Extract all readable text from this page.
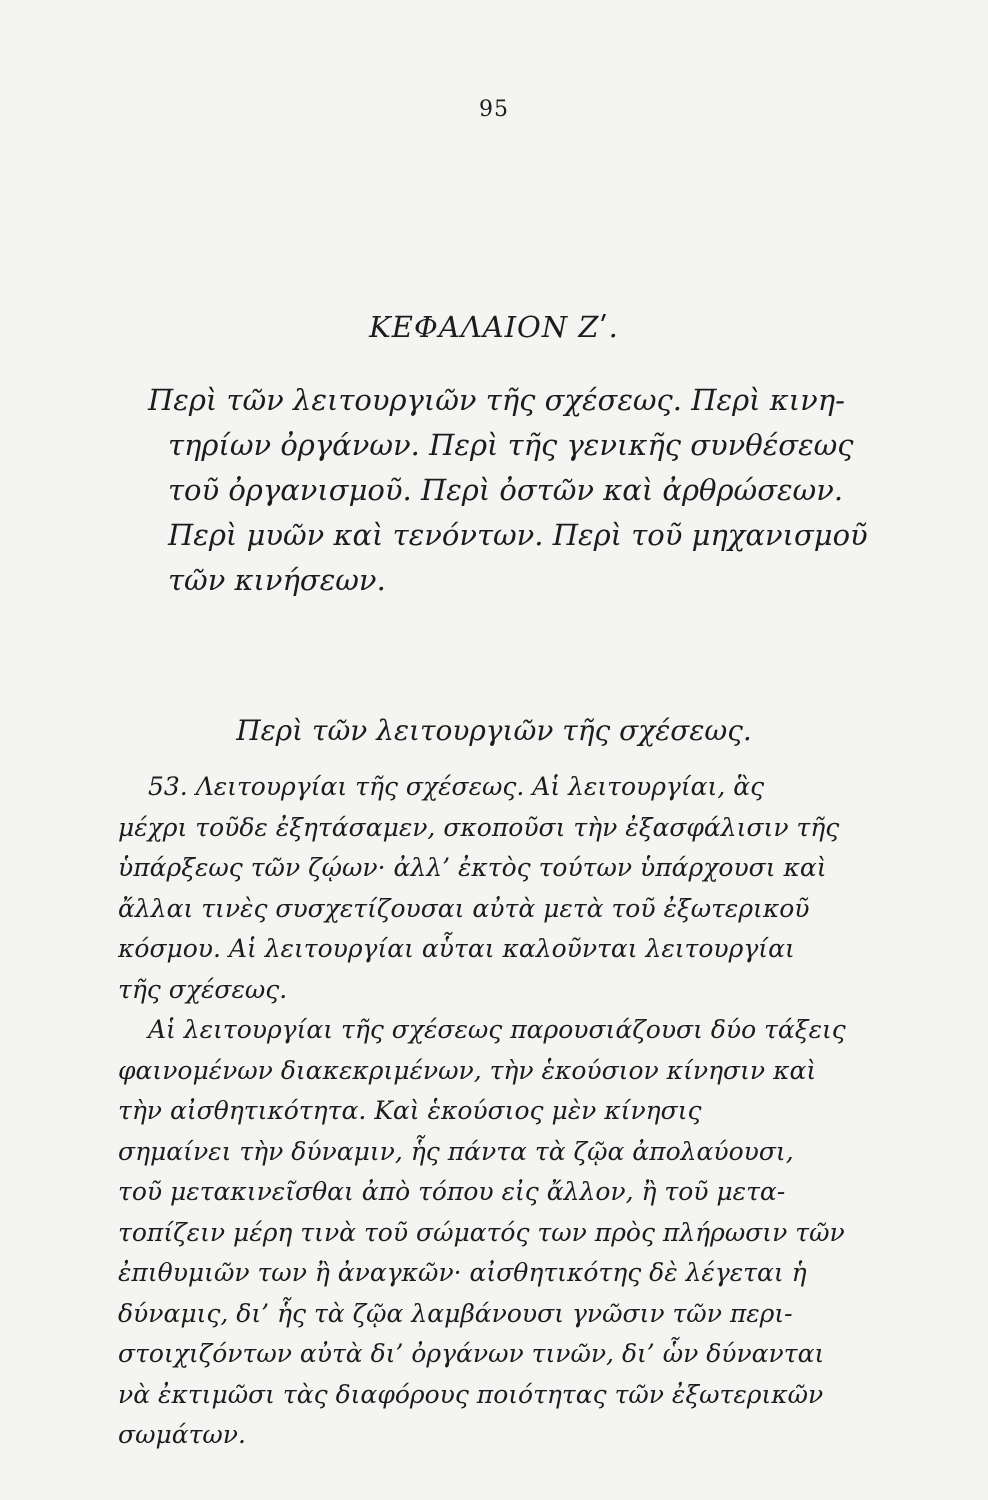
95
ΚΕΦΑΛΑΙΟΝ Ζʹ.
Περὶ τῶν λειτουργιῶν τῆς σχέσεως. Περὶ κινη-
τηρίων ὀργάνων. Περὶ τῆς γενικῆς συνθέσεως
τοῦ ὀργανισμοῦ. Περὶ ὀστῶν καὶ ἀρθρώσεων.
Περὶ μυῶν καὶ τενόντων. Περὶ τοῦ μηχανισμοῦ
τῶν κινήσεων.
Περὶ τῶν λειτουργιῶν τῆς σχέσεως.
53. Λειτουργίαι τῆς σχέσεως. Αἱ λειτουργίαι, ἃς
μέχρι τοῦδε ἐξητάσαμεν, σκοποῦσι τὴν ἐξασφάλισιν τῆς
ὑπάρξεως τῶν ζῴων· ἀλλ’ ἐκτὸς τούτων ὑπάρχουσι καὶ
ἄλλαι τινὲς συσχετίζουσαι αὐτὰ μετὰ τοῦ ἐξωτερικοῦ
κόσμου. Αἱ λειτουργίαι αὗται καλοῦνται λειτουργίαι
τῆς σχέσεως.
Αἱ λειτουργίαι τῆς σχέσεως παρουσιάζουσι δύο τάξεις
φαινομένων διακεκριμένων, τὴν ἑκούσιον κίνησιν καὶ
τὴν αἰσθητικότητα. Καὶ ἑκούσιος μὲν κίνησις
σημαίνει τὴν δύναμιν, ἧς πάντα τὰ ζῷα ἀπολαύουσι,
τοῦ μετακινεῖσθαι ἀπὸ τόπου εἰς ἄλλον, ἢ τοῦ μετα-
τοπίζειν μέρη τινὰ τοῦ σώματός των πρὸς πλήρωσιν τῶν
ἐπιθυμιῶν των ἢ ἀναγκῶν· αἰσθητικότης δὲ λέγεται ἡ
δύναμις, δι’ ἧς τὰ ζῷα λαμβάνουσι γνῶσιν τῶν περι-
στοιχιζόντων αὐτὰ δι’ ὀργάνων τινῶν, δι’ ὧν δύνανται
νὰ ἐκτιμῶσι τὰς διαφόρους ποιότητας τῶν ἐξωτερικῶν
σωμάτων.
